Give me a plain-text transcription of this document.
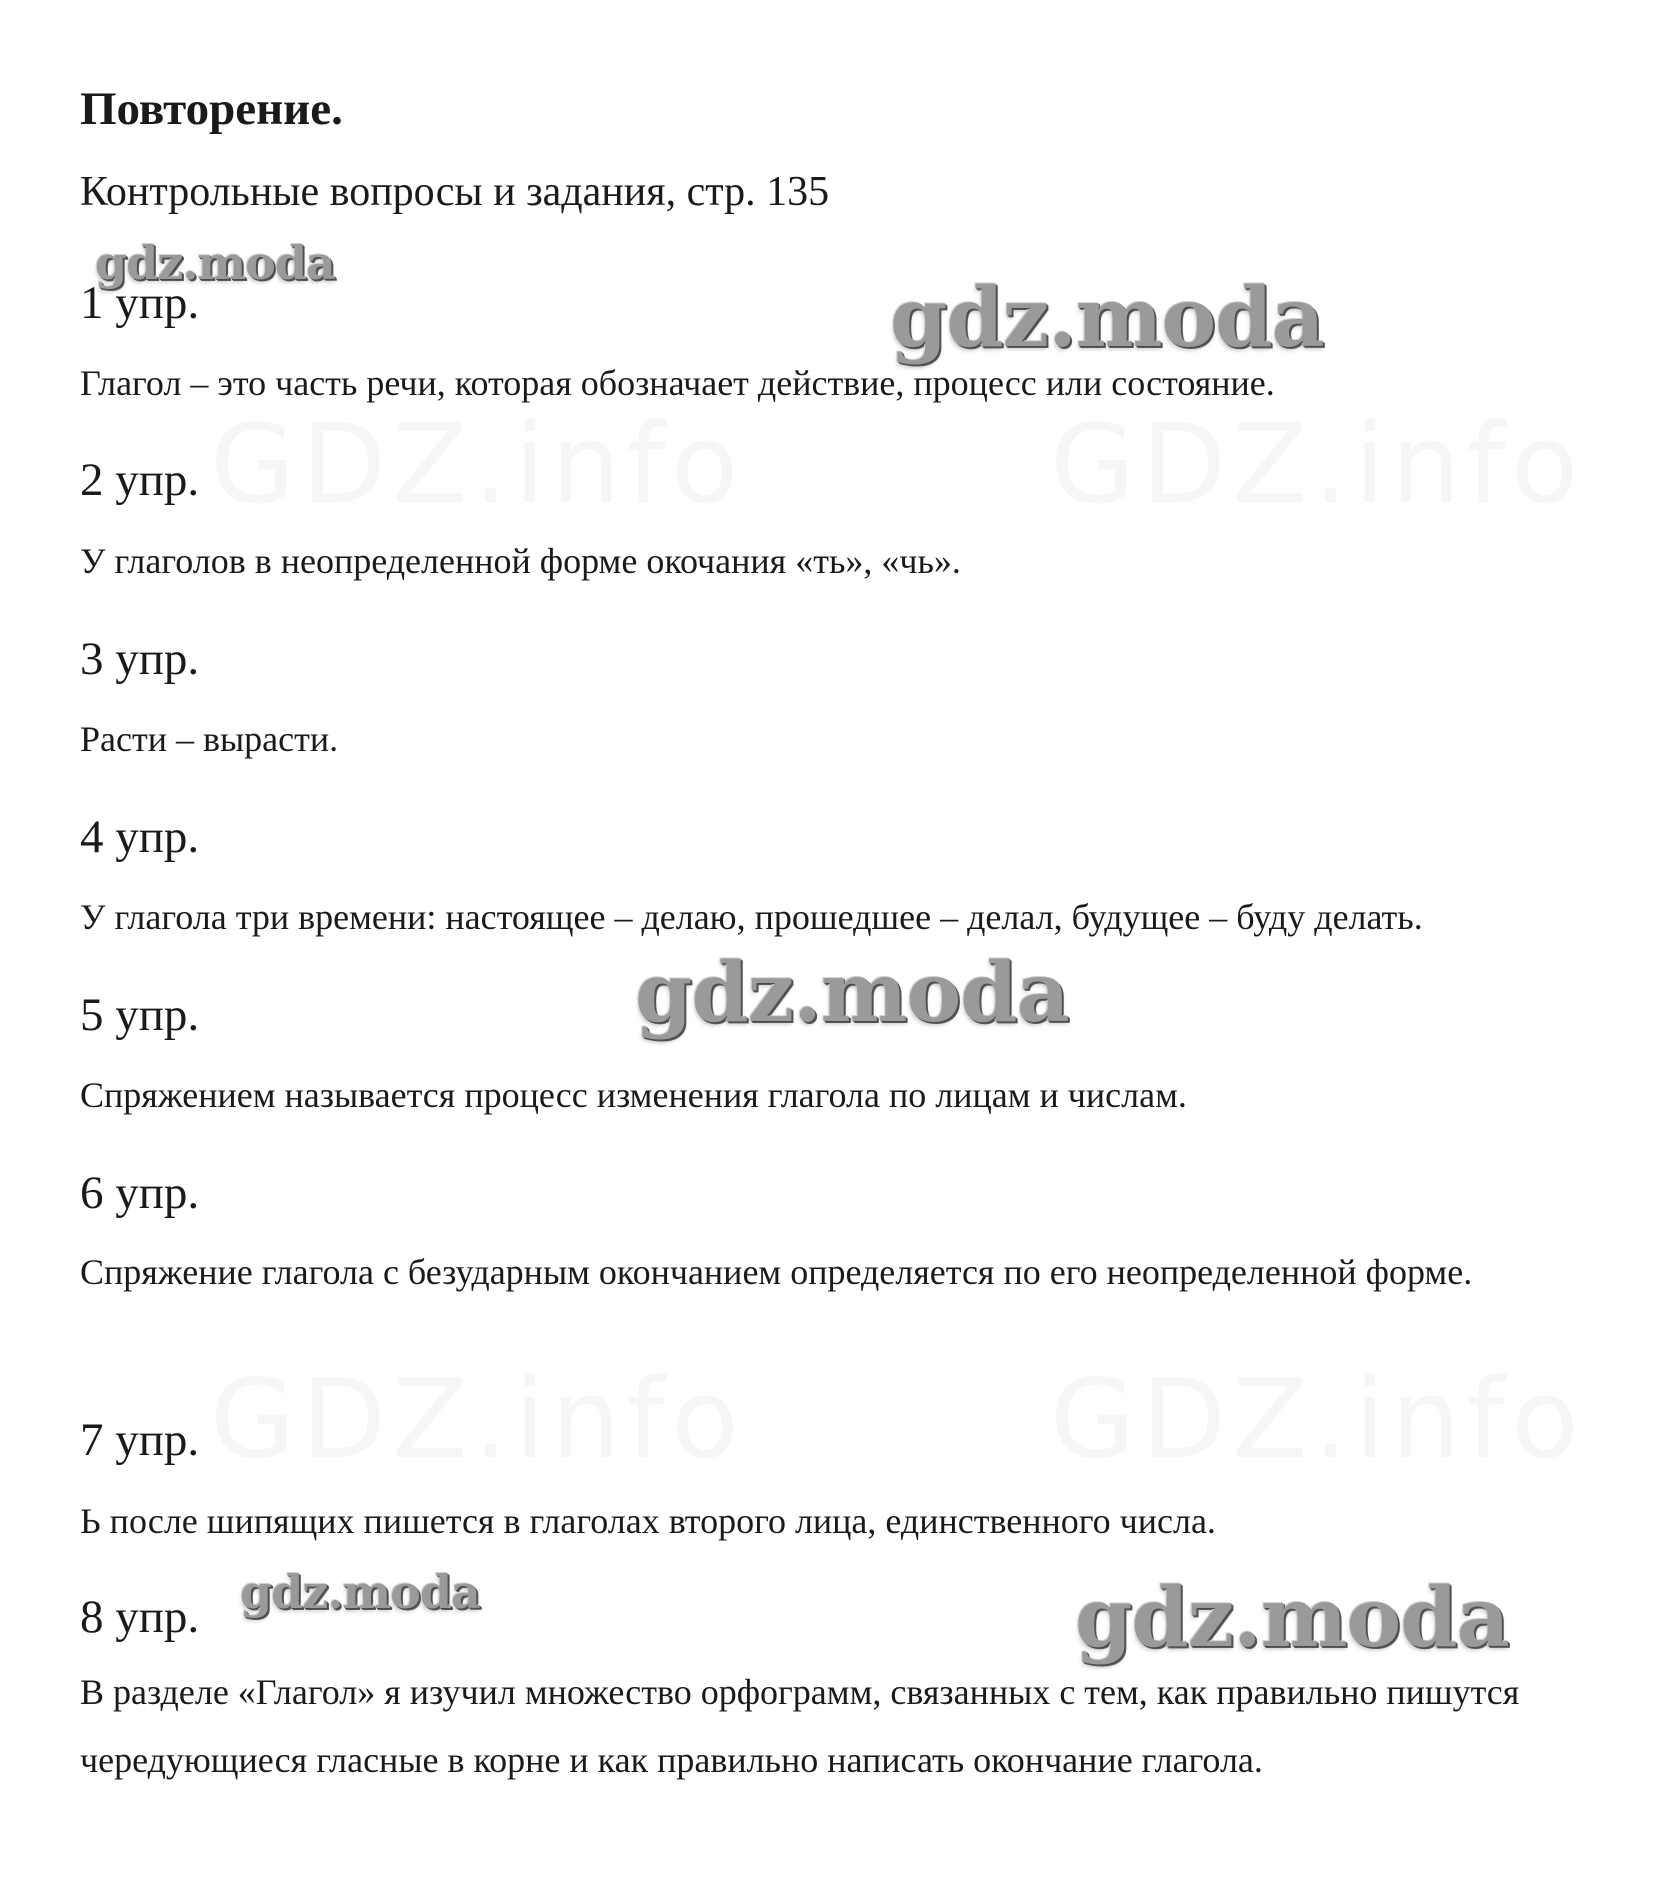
GDZ.info	GDZ.info
GDZ.info	GDZ.info
Повторение.
Контрольные вопросы и задания, стр. 135
1 упр.
Глагол – это часть речи, которая обозначает действие, процесс или состояние.
2 упр.
У глаголов в неопределенной форме окочания «ть», «чь».
3 упр.
Расти – вырасти.
4 упр.
У глагола три времени: настоящее – делаю, прошедшее – делал, будущее – буду делать.
5 упр.
Спряжением называется процесс изменения глагола по лицам и числам.
6 упр.
Спряжение глагола с безударным окончанием определяется по его неопределенной форме.
7 упр.
Ь после шипящих пишется в глаголах второго лица, единственного числа.
8 упр.
В разделе «Глагол» я изучил множество орфограмм, связанных с тем, как правильно пишутся чередующиеся гласные в корне и как правильно написать окончание глагола.
gdz.moda
gdz.moda
gdz.moda
gdz.moda	gdz.moda
